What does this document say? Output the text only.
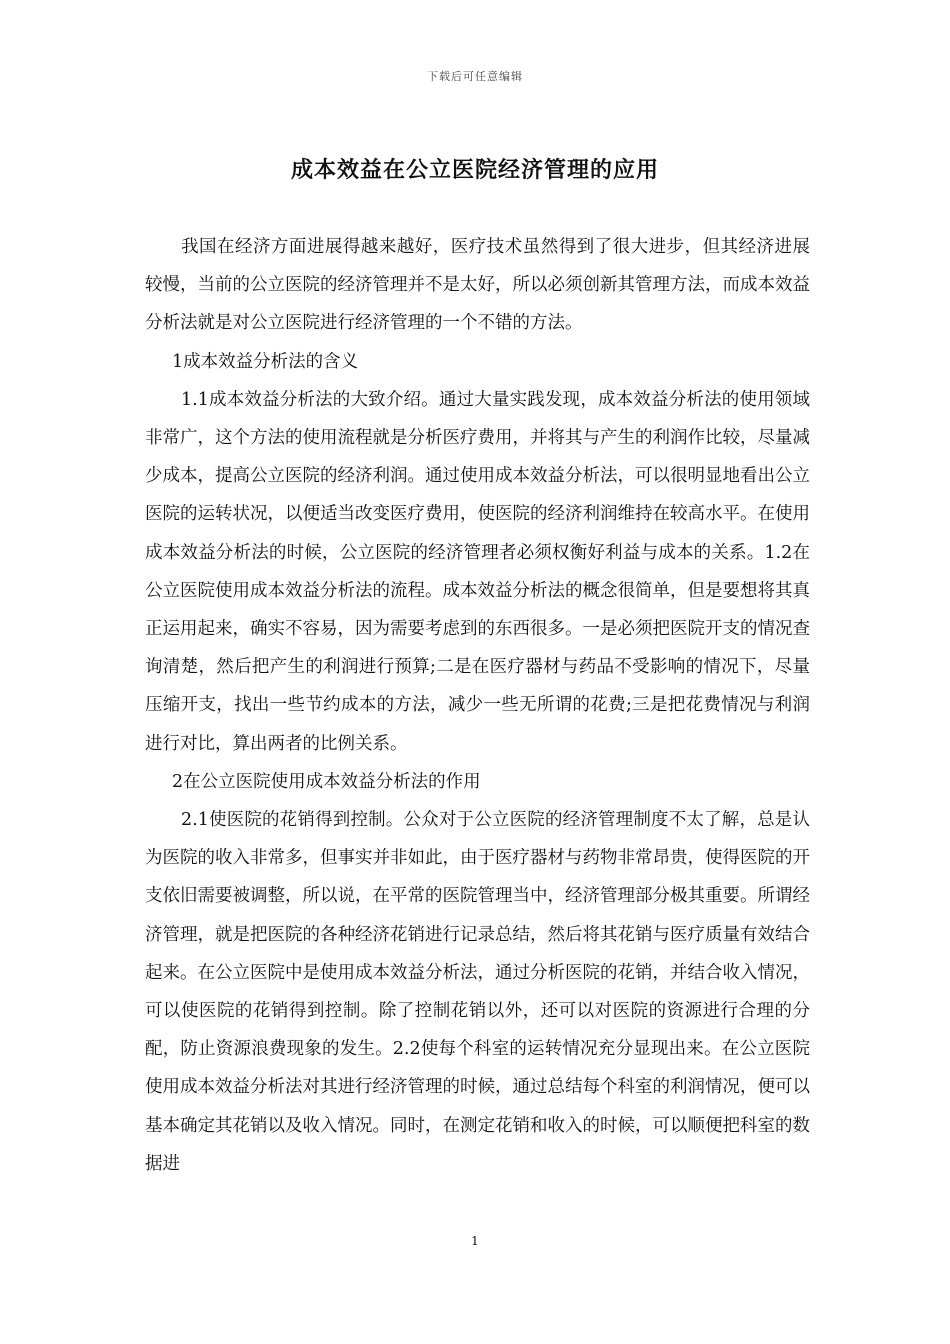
下载后可任意编辑
成本效益在公立医院经济管理的应用

我国在经济方面进展得越来越好，医疗技术虽然得到了很大进步，但其经济进展较慢，当前的公立医院的经济管理并不是太好，所以必须创新其管理方法，而成本效益分析法就是对公立医院进行经济管理的一个不错的方法。

1成本效益分析法的含义

1.1成本效益分析法的大致介绍。通过大量实践发现，成本效益分析法的使用领域非常广，这个方法的使用流程就是分析医疗费用，并将其与产生的利润作比较，尽量减少成本，提高公立医院的经济利润。通过使用成本效益分析法，可以很明显地看出公立医院的运转状况，以便适当改变医疗费用，使医院的经济利润维持在较高水平。在使用成本效益分析法的时候，公立医院的经济管理者必须权衡好利益与成本的关系。1.2在公立医院使用成本效益分析法的流程。成本效益分析法的概念很简单，但是要想将其真正运用起来，确实不容易，因为需要考虑到的东西很多。一是必须把医院开支的情况查询清楚，然后把产生的利润进行预算;二是在医疗器材与药品不受影响的情况下，尽量压缩开支，找出一些节约成本的方法，减少一些无所谓的花费;三是把花费情况与利润进行对比，算出两者的比例关系。

2在公立医院使用成本效益分析法的作用

2.1使医院的花销得到控制。公众对于公立医院的经济管理制度不太了解，总是认为医院的收入非常多，但事实并非如此，由于医疗器材与药物非常昂贵，使得医院的开支依旧需要被调整，所以说，在平常的医院管理当中，经济管理部分极其重要。所谓经济管理，就是把医院的各种经济花销进行记录总结，然后将其花销与医疗质量有效结合起来。在公立医院中是使用成本效益分析法，通过分析医院的花销，并结合收入情况，可以使医院的花销得到控制。除了控制花销以外，还可以对医院的资源进行合理的分配，防止资源浪费现象的发生。2.2使每个科室的运转情况充分显现出来。在公立医院使用成本效益分析法对其进行经济管理的时候，通过总结每个科室的利润情况，便可以基本确定其花销以及收入情况。同时，在测定花销和收入的时候，可以顺便把科室的数据进

1
